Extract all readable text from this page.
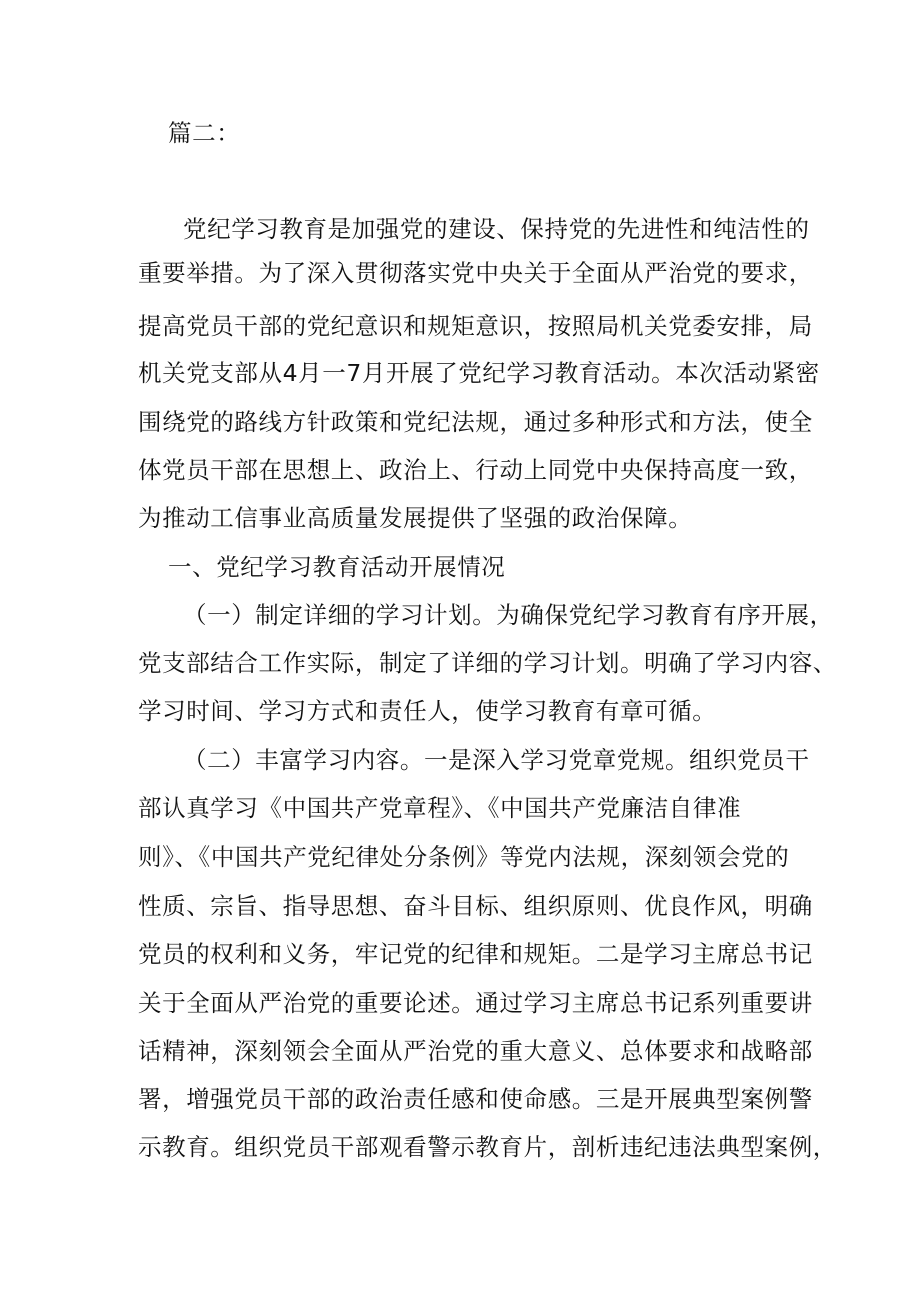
篇二：
党纪学习教育是加强党的建设、保持党的先进性和纯洁性的
重要举措。为了深入贯彻落实党中央关于全面从严治党的要求，
提高党员干部的党纪意识和规矩意识，按照局机关党委安排，局
机关党支部从4月一7月开展了党纪学习教育活动。本次活动紧密
围绕党的路线方针政策和党纪法规，通过多种形式和方法，使全
体党员干部在思想上、政治上、行动上同党中央保持高度一致，
为推动工信事业高质量发展提供了坚强的政治保障。
一、党纪学习教育活动开展情况
（一）制定详细的学习计划。为确保党纪学习教育有序开展，
党支部结合工作实际，制定了详细的学习计划。明确了学习内容、
学习时间、学习方式和责任人，使学习教育有章可循。
（二）丰富学习内容。一是深入学习党章党规。组织党员干
部认真学习《中国共产党章程》、《中国共产党廉洁自律准
则》、《中国共产党纪律处分条例》等党内法规，深刻领会党的
性质、宗旨、指导思想、奋斗目标、组织原则、优良作风，明确
党员的权利和义务，牢记党的纪律和规矩。二是学习主席总书记
关于全面从严治党的重要论述。通过学习主席总书记系列重要讲
话精神，深刻领会全面从严治党的重大意义、总体要求和战略部
署，增强党员干部的政治责任感和使命感。三是开展典型案例警
示教育。组织党员干部观看警示教育片，剖析违纪违法典型案例，
